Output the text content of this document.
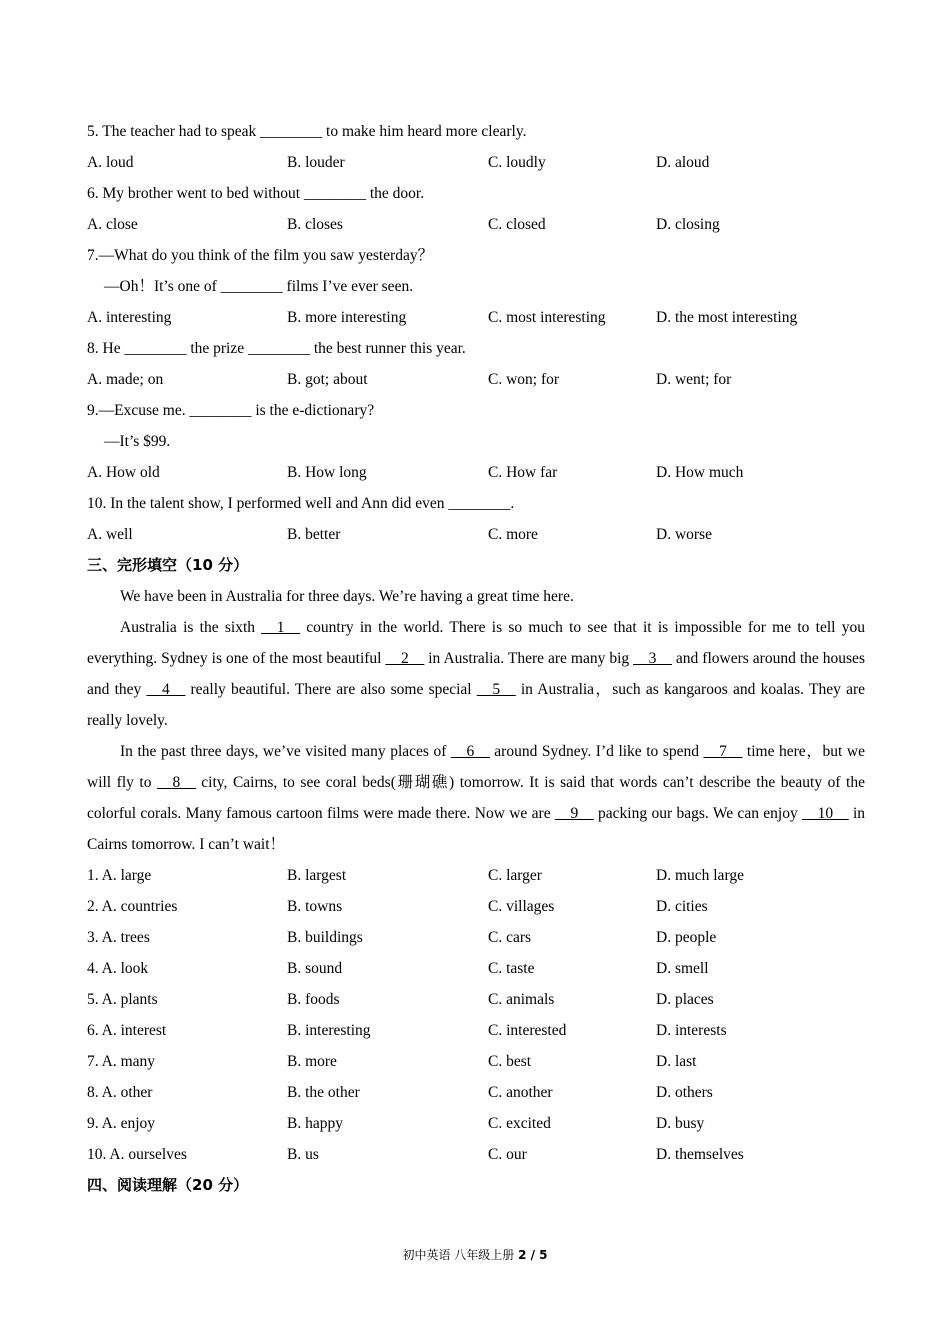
5. The teacher had to speak ________ to make him heard more clearly.
A. loud	B. louder	C. loudly	D. aloud
6. My brother went to bed without ________ the door.
A. close	B. closes	C. closed	D. closing
7.—What do you think of the film you saw yesterday？
—Oh！It’s one of ________ films I’ve ever seen.
A. interesting	B. more interesting	C. most interesting	D. the most interesting
8. He ________ the prize ________ the best runner this year.
A. made; on	B. got; about	C. won; for	D. went; for
9.—Excuse me. ________ is the e-dictionary?
—It’s $99.
A. How old	B. How long	C. How far	D. How much
10. In the talent show, I performed well and Ann did even ________.
A. well	B. better	C. more	D. worse
三、完形填空（10 分）
We have been in Australia for three days. We’re having a great time here.
Australia is the sixth __1__ country in the world. There is so much to see that it is impossible for me to tell you everything. Sydney is one of the most beautiful __2__ in Australia. There are many big __3__ and flowers around the houses and they __4__ really beautiful. There are also some special __5__ in Australia，such as kangaroos and koalas. They are really lovely.
In the past three days, we’ve visited many places of __6__ around Sydney. I’d like to spend __7__ time here，but we will fly to __8__ city, Cairns, to see coral beds(珊瑚礁) tomorrow. It is said that words can’t describe the beauty of the colorful corals. Many famous cartoon films were made there. Now we are __9__ packing our bags. We can enjoy __10__ in Cairns tomorrow. I can’t wait！
1. A. large	B. largest	C. larger	D. much large
2. A. countries	B. towns	C. villages	D. cities
3. A. trees	B. buildings	C. cars	D. people
4. A. look	B. sound	C. taste	D. smell
5. A. plants	B. foods	C. animals	D. places
6. A. interest	B. interesting	C. interested	D. interests
7. A. many	B. more	C. best	D. last
8. A. other	B. the other	C. another	D. others
9. A. enjoy	B. happy	C. excited	D. busy
10. A. ourselves	B. us	C. our	D. themselves
四、阅读理解（20 分）
初中英语 八年级上册 2 / 5
